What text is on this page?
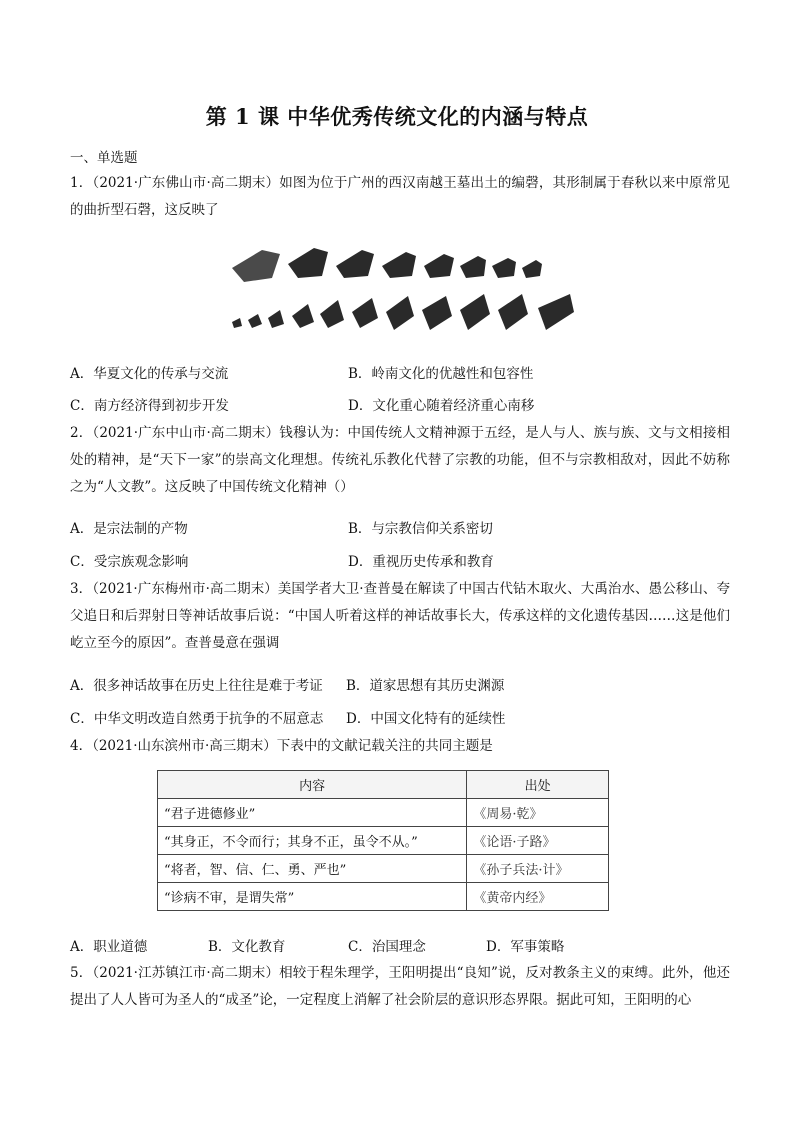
第 1 课 中华优秀传统文化的内涵与特点
一、单选题
1．（2021·广东佛山市·高二期末）如图为位于广州的西汉南越王墓出土的编磬，其形制属于春秋以来中原常见的曲折型石磬，这反映了
A．华夏文化的传承与交流	B．岭南文化的优越性和包容性
C．南方经济得到初步开发	D．文化重心随着经济重心南移
2．（2021·广东中山市·高二期末）钱穆认为：中国传统人文精神源于五经，是人与人、族与族、文与文相接相处的精神，是“天下一家”的崇高文化理想。传统礼乐教化代替了宗教的功能，但不与宗教相敌对，因此不妨称之为“人文教”。这反映了中国传统文化精神（）
A．是宗法制的产物	B．与宗教信仰关系密切
C．受宗族观念影响	D．重视历史传承和教育
3．（2021·广东梅州市·高二期末）美国学者大卫·查普曼在解读了中国古代钻木取火、大禹治水、愚公移山、夸父追日和后羿射日等神话故事后说：“中国人听着这样的神话故事长大，传承这样的文化遗传基因……这是他们屹立至今的原因”。查普曼意在强调
A．很多神话故事在历史上往往是难于考证 B．道家思想有其历史渊源
C．中华文明改造自然勇于抗争的不屈意志 D．中国文化特有的延续性
4．（2021·山东滨州市·高三期末）下表中的文献记载关注的共同主题是
内容	出处
“君子进德修业”	《周易·乾》
“其身正，不令而行；其身不正，虽令不从。”	《论语·子路》
“将者，智、信、仁、勇、严也”	《孙子兵法·计》
“诊病不审，是谓失常”	《黄帝内经》
A．职业道德	B．文化教育	C．治国理念	D．军事策略
5．（2021·江苏镇江市·高二期末）相较于程朱理学，王阳明提出“良知”说，反对教条主义的束缚。此外，他还提出了人人皆可为圣人的“成圣”论，一定程度上消解了社会阶层的意识形态界限。据此可知，王阳明的心
